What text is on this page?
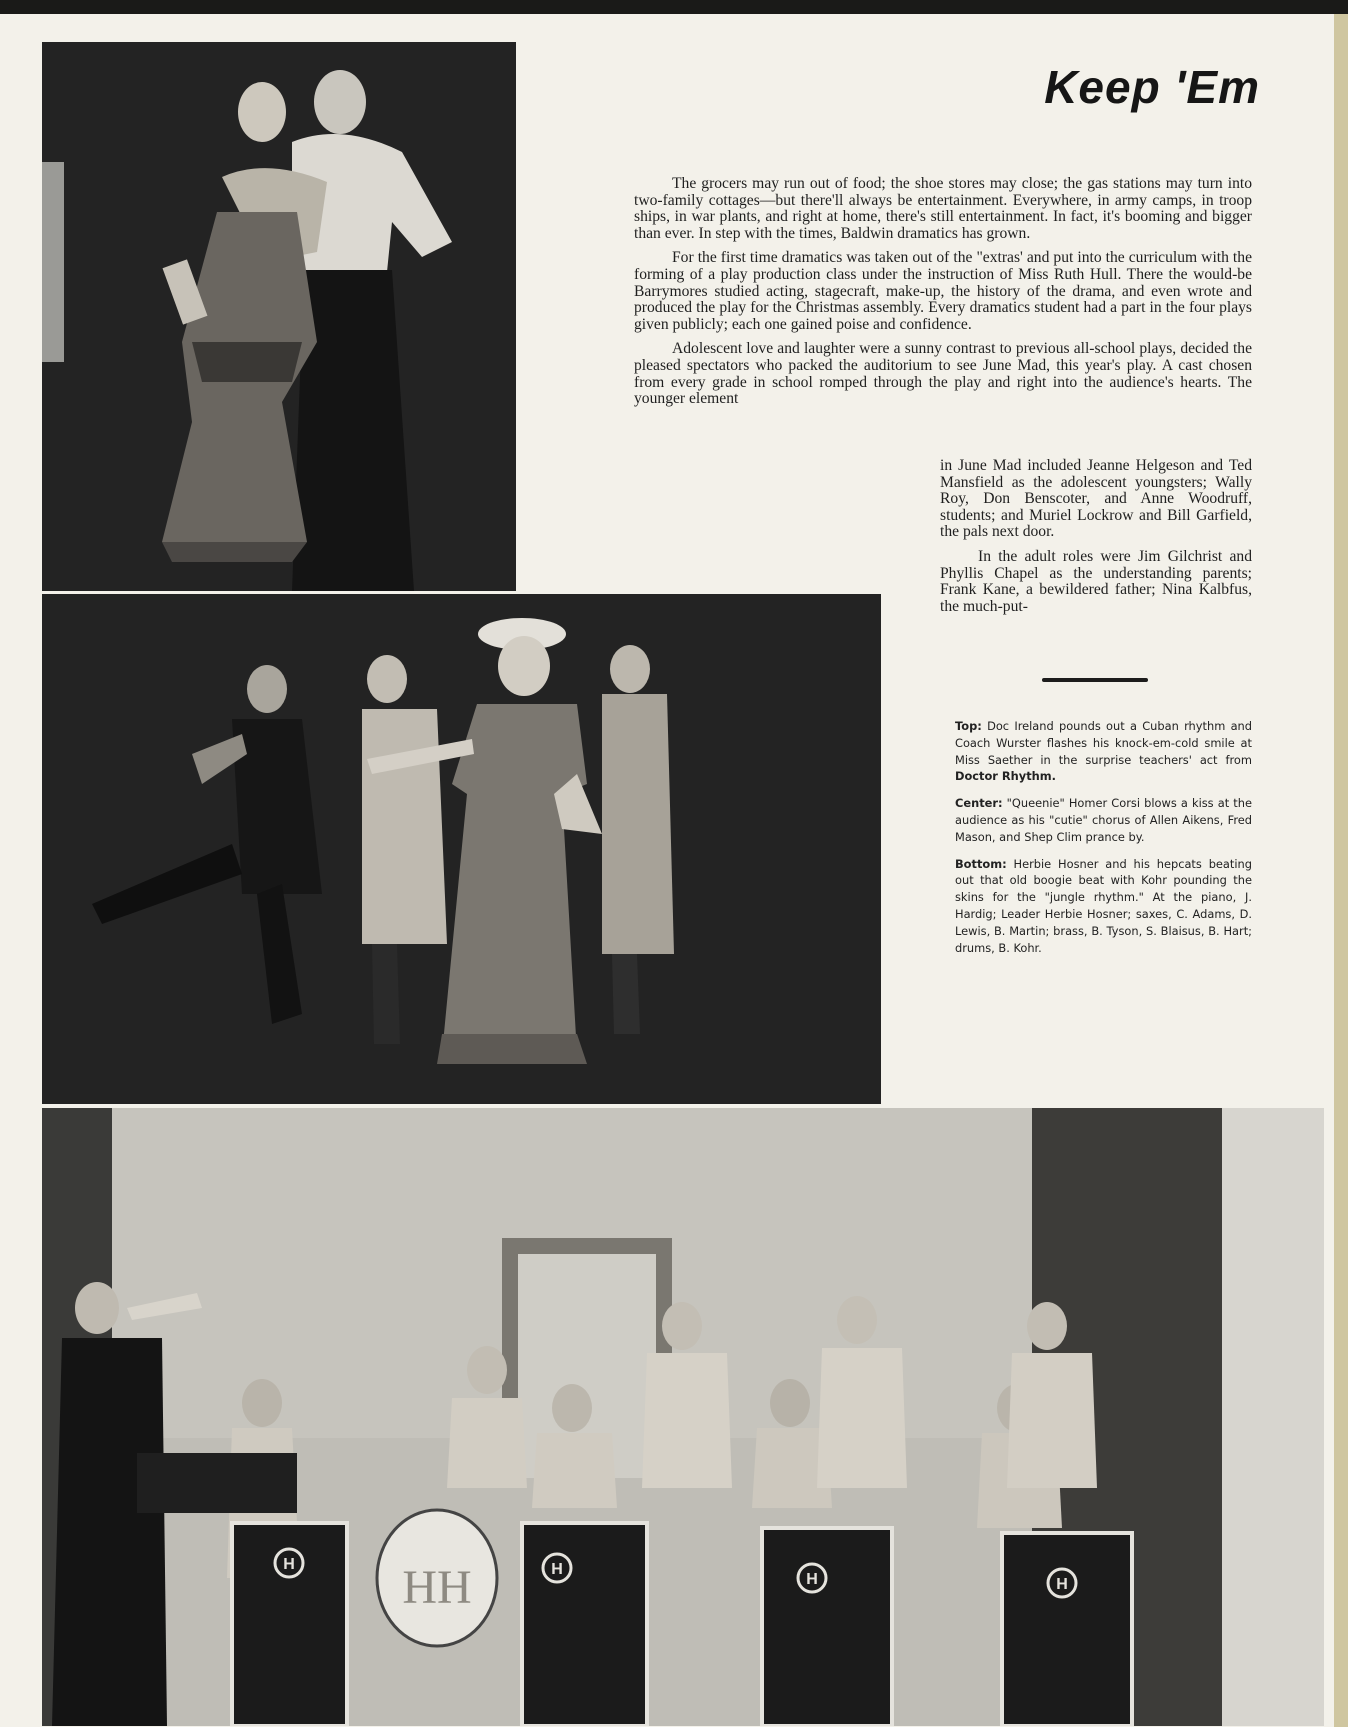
Keep 'Em

The grocers may run out of food; the shoe stores may close; the gas stations may turn into two-family cottages—but there'll always be entertainment. Everywhere, in army camps, in troop ships, in war plants, and right at home, there's still entertainment. In fact, it's booming and bigger than ever. In step with the times, Baldwin dramatics has grown.

For the first time dramatics was taken out of the "extras' and put into the curriculum with the forming of a play production class under the instruction of Miss Ruth Hull. There the would-be Barrymores studied acting, stagecraft, make-up, the history of the drama, and even wrote and produced the play for the Christmas assembly. Every dramatics student had a part in the four plays given publicly; each one gained poise and confidence.

Adolescent love and laughter were a sunny contrast to previous all-school plays, decided the pleased spectators who packed the auditorium to see June Mad, this year's play. A cast chosen from every grade in school romped through the play and right into the audience's hearts. The younger element

in June Mad included Jeanne Helgeson and Ted Mansfield as the adolescent youngsters; Wally Roy, Don Benscoter, and Anne Woodruff, students; and Muriel Lockrow and Bill Garfield, the pals next door.

In the adult roles were Jim Gilchrist and Phyllis Chapel as the understanding parents; Frank Kane, a bewildered father; Nina Kalbfus, the much-put-

Top: Doc Ireland pounds out a Cuban rhythm and Coach Wurster flashes his knock-em-cold smile at Miss Saether in the surprise teachers' act from Doctor Rhythm.

Center: "Queenie" Homer Corsi blows a kiss at the audience as his "cutie" chorus of Allen Aikens, Fred Mason, and Shep Clim prance by.

Bottom: Herbie Hosner and his hepcats beating out that old boogie beat with Kohr pounding the skins for the "jungle rhythm." At the piano, J. Hardig; Leader Herbie Hosner; saxes, C. Adams, D. Lewis, B. Martin; brass, B. Tyson, S. Blaisus, B. Hart; drums, B. Kohr.

HH
H	H
H	H
